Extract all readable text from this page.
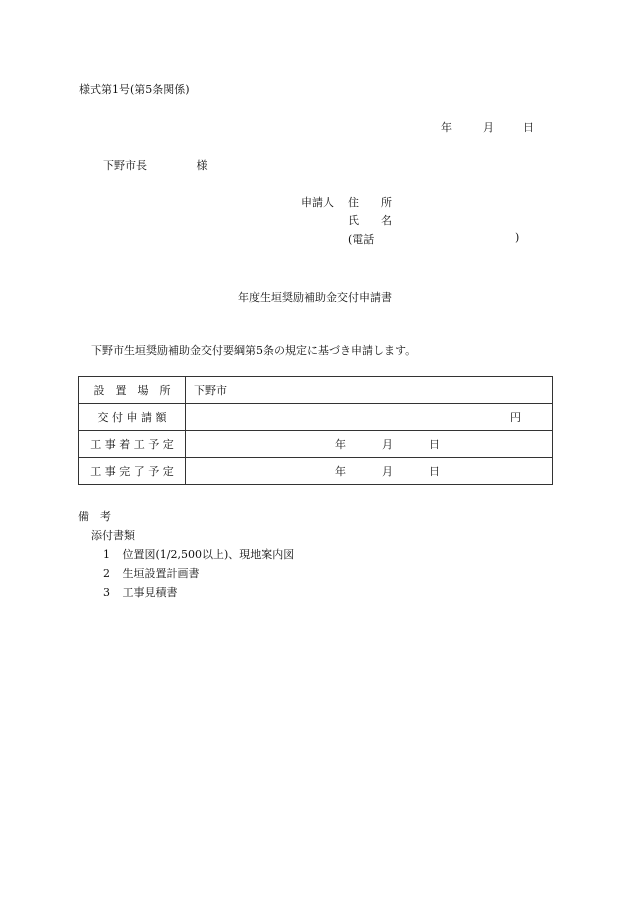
様式第1号(第5条関係)
年	月	日
下野市長	様
申請人 住　　所
氏　　名
(電話	)
年度生垣奨励補助金交付申請書
下野市生垣奨励補助金交付要綱第5条の規定に基づき申請します。
設　置　場　所	下野市

交 付 申 請 額	円

工 事 着 工 予 定	年 月 日

工 事 完 了 予 定	年 月 日
備　考
添付書類
1 位置図(1/2,500以上)、現地案内図
2 生垣設置計画書
3 工事見積書
